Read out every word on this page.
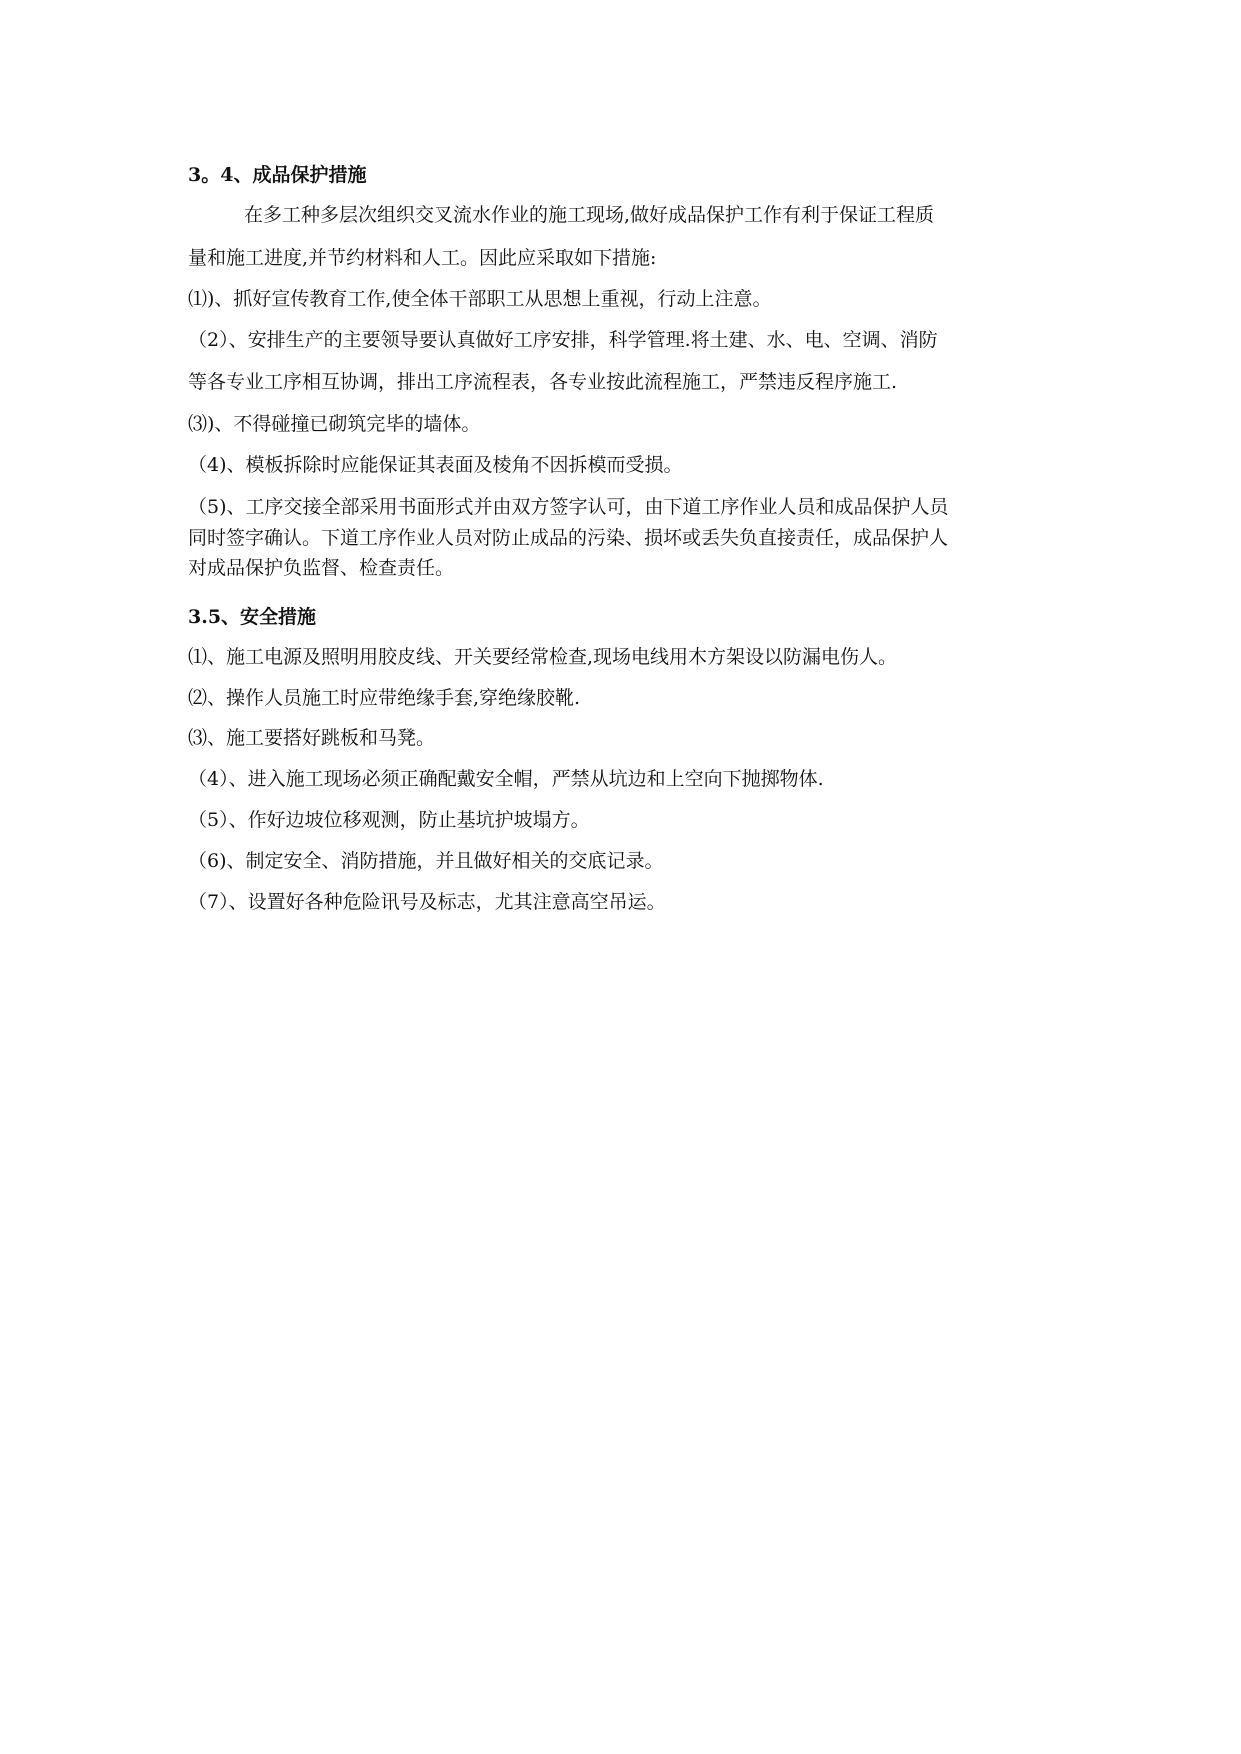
3。4、成品保护措施
在多工种多层次组织交叉流水作业的施工现场,做好成品保护工作有利于保证工程质
量和施工进度,并节约材料和人工。因此应采取如下措施:
⑴)、抓好宣传教育工作,使全体干部职工从思想上重视，行动上注意。
（2）、安排生产的主要领导要认真做好工序安排，科学管理.将土建、水、电、空调、消防
等各专业工序相互协调，排出工序流程表，各专业按此流程施工，严禁违反程序施工.
⑶)、不得碰撞已砌筑完毕的墙体。
（4)、模板拆除时应能保证其表面及棱角不因拆模而受损。
（5)、工序交接全部采用书面形式并由双方签字认可，由下道工序作业人员和成品保护人员
同时签字确认。下道工序作业人员对防止成品的污染、损坏或丢失负直接责任，成品保护人
对成品保护负监督、检查责任。
3.5、安全措施
⑴、施工电源及照明用胶皮线、开关要经常检查,现场电线用木方架设以防漏电伤人。
⑵、操作人员施工时应带绝缘手套,穿绝缘胶靴.
⑶、施工要搭好跳板和马凳。
（4）、进入施工现场必须正确配戴安全帽，严禁从坑边和上空向下抛掷物体.
（5）、作好边坡位移观测，防止基坑护坡塌方。
（6)、制定安全、消防措施，并且做好相关的交底记录。
（7）、设置好各种危险讯号及标志，尤其注意高空吊运。
